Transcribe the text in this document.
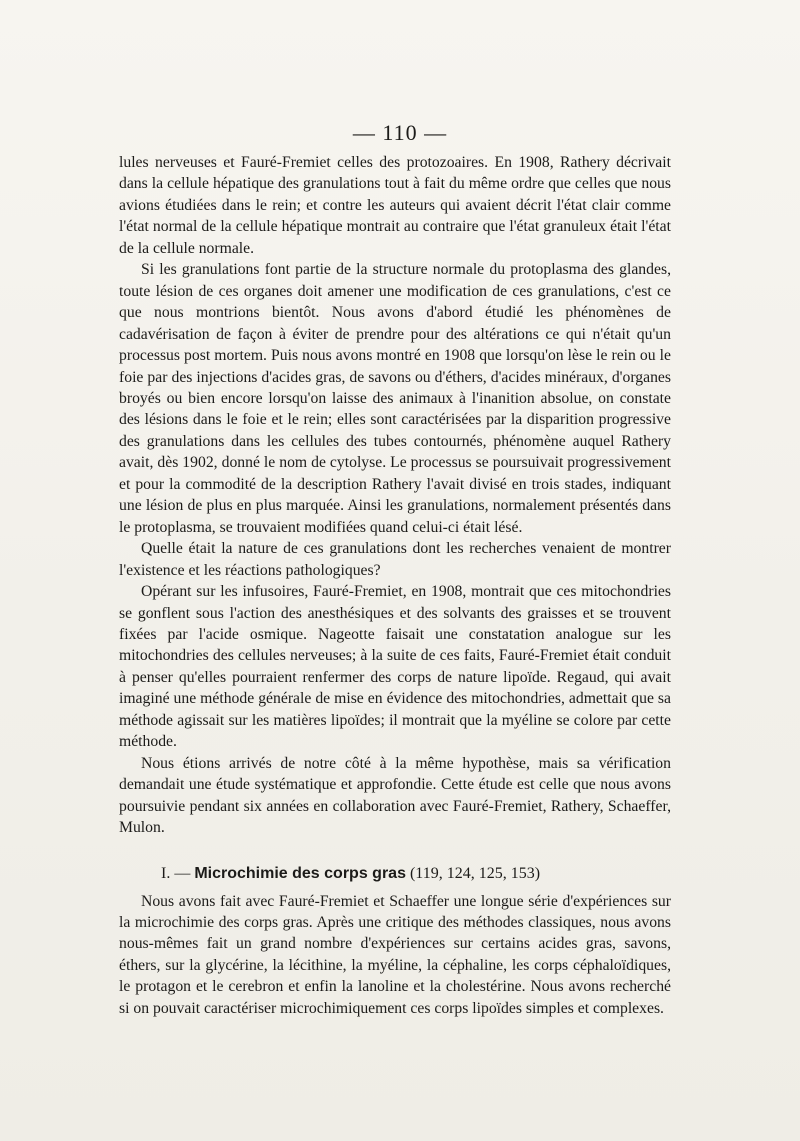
— 110 —

lules nerveuses et Fauré-Fremiet celles des protozoaires. En 1908, Rathery décrivait dans la cellule hépatique des granulations tout à fait du même ordre que celles que nous avions étudiées dans le rein; et contre les auteurs qui avaient décrit l'état clair comme l'état normal de la cellule hépatique montrait au contraire que l'état granuleux était l'état de la cellule normale.

Si les granulations font partie de la structure normale du protoplasma des glandes, toute lésion de ces organes doit amener une modification de ces granulations, c'est ce que nous montrions bientôt. Nous avons d'abord étudié les phénomènes de cadavérisation de façon à éviter de prendre pour des altérations ce qui n'était qu'un processus post mortem. Puis nous avons montré en 1908 que lorsqu'on lèse le rein ou le foie par des injections d'acides gras, de savons ou d'éthers, d'acides minéraux, d'organes broyés ou bien encore lorsqu'on laisse des animaux à l'inanition absolue, on constate des lésions dans le foie et le rein; elles sont caractérisées par la disparition progressive des granulations dans les cellules des tubes contournés, phénomène auquel Rathery avait, dès 1902, donné le nom de cytolyse. Le processus se poursuivait progressivement et pour la commodité de la description Rathery l'avait divisé en trois stades, indiquant une lésion de plus en plus marquée. Ainsi les granulations, normalement présentés dans le protoplasma, se trouvaient modifiées quand celui-ci était lésé.

Quelle était la nature de ces granulations dont les recherches venaient de montrer l'existence et les réactions pathologiques?

Opérant sur les infusoires, Fauré-Fremiet, en 1908, montrait que ces mitochondries se gonflent sous l'action des anesthésiques et des solvants des graisses et se trouvent fixées par l'acide osmique. Nageotte faisait une constatation analogue sur les mitochondries des cellules nerveuses; à la suite de ces faits, Fauré-Fremiet était conduit à penser qu'elles pourraient renfermer des corps de nature lipoïde. Regaud, qui avait imaginé une méthode générale de mise en évidence des mitochondries, admettait que sa méthode agissait sur les matières lipoïdes; il montrait que la myéline se colore par cette méthode.

Nous étions arrivés de notre côté à la même hypothèse, mais sa vérification demandait une étude systématique et approfondie. Cette étude est celle que nous avons poursuivie pendant six années en collaboration avec Fauré-Fremiet, Rathery, Schaeffer, Mulon.

I. — Microchimie des corps gras (119, 124, 125, 153)

Nous avons fait avec Fauré-Fremiet et Schaeffer une longue série d'expériences sur la microchimie des corps gras. Après une critique des méthodes classiques, nous avons nous-mêmes fait un grand nombre d'expériences sur certains acides gras, savons, éthers, sur la glycérine, la lécithine, la myéline, la céphaline, les corps céphaloïdiques, le protagon et le cerebron et enfin la lanoline et la cholestérine. Nous avons recherché si on pouvait caractériser microchimiquement ces corps lipoïdes simples et complexes.
